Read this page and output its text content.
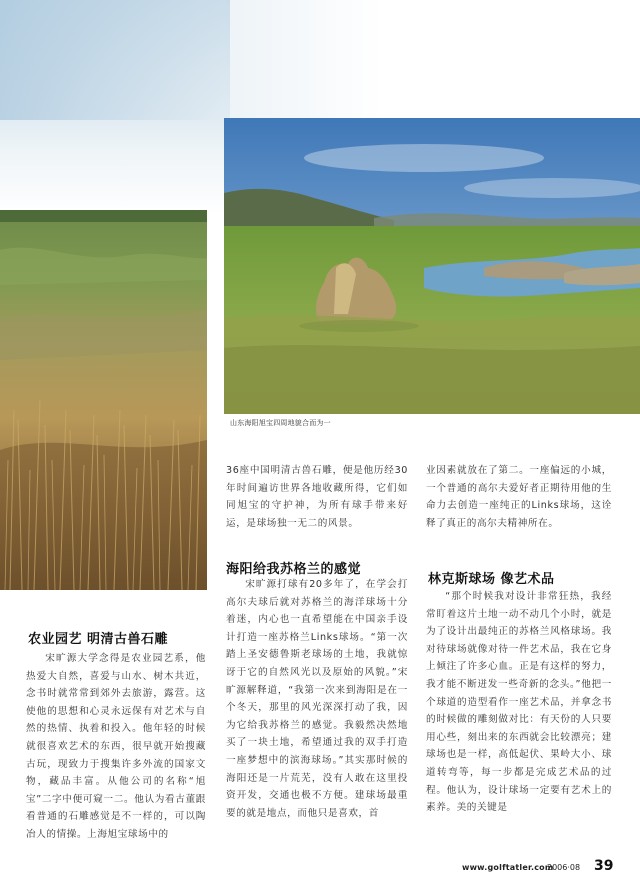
山东海阳旭宝四周地貌合而为一
农业园艺 明清古兽石雕

宋旷源大学念得是农业园艺系，他热爱大自然，喜爱与山水、树木共近，念书时就常常到郊外去旅游，露营。这使他的思想和心灵永远保有对艺术与自然的热情、执着和投入。他年轻的时候就很喜欢艺术的东西，很早就开始搜藏古玩，现致力于搜集许多外流的国家文物，藏品丰富。从他公司的名称“旭宝”二字中便可窥一二。他认为看古董跟看普通的石雕感觉是不一样的，可以陶冶人的情操。上海旭宝球场中的

36座中国明清古兽石雕，便是他历经30年时间遍访世界各地收藏所得，它们如同旭宝的守护神，为所有球手带来好运，是球场独一无二的风景。

海阳给我苏格兰的感觉

宋旷源打球有20多年了，在学会打高尔夫球后就对苏格兰的海洋球场十分着迷，内心也一直希望能在中国亲手设计打造一座苏格兰Links球场。“第一次踏上圣安德鲁斯老球场的土地，我就惊讶于它的自然风光以及原始的风貌。”宋旷源解释道，“我第一次来到海阳是在一个冬天，那里的风光深深打动了我，因为它给我苏格兰的感觉。我毅然决然地买了一块土地，希望通过我的双手打造一座梦想中的滨海球场。”其实那时候的海阳还是一片荒芜，没有人敢在这里投资开发，交通也极不方便。建球场最重要的就是地点，而他只是喜欢，首

业因素就放在了第二。一座偏远的小城，一个普通的高尔夫爱好者正期待用他的生命力去创造一座纯正的Links球场，这诠释了真正的高尔夫精神所在。

林克斯球场 像艺术品

“那个时候我对设计非常狂热，我经常盯着这片土地一动不动几个小时，就是为了设计出最纯正的苏格兰风格球场。我对待球场就像对待一件艺术品，我在它身上倾注了许多心血。正是有这样的努力，我才能不断迸发一些奇新的念头。”他把一个球道的造型看作一座艺术品，并拿念书的时候做的雕刻做对比：有天份的人只要用心些，刻出来的东西就会比较漂亮；建球场也是一样，高低起伏、果岭大小、球道转弯等，每一步都是完成艺术品的过程。他认为，设计球场一定要有艺术上的素养。美的关键是

www.golftatler.com
2006·08 39
